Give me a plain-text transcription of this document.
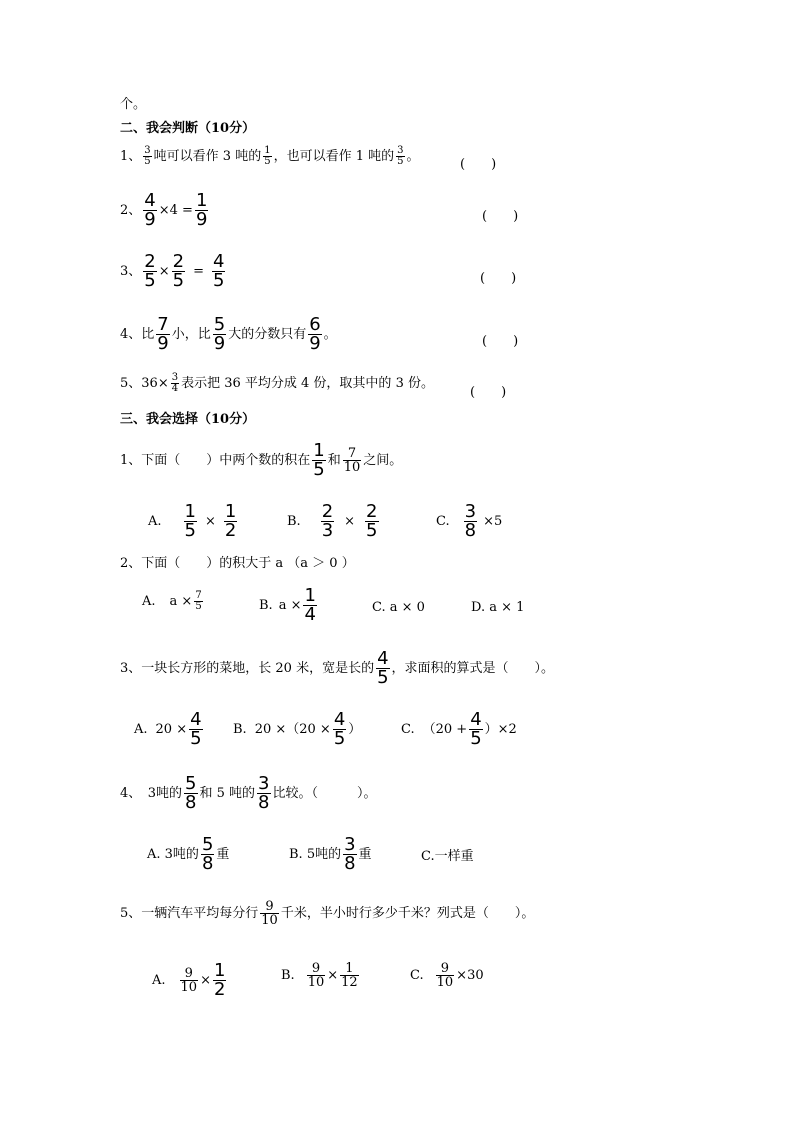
个。
二、我会判断（10分）
1、 $\frac{3}{5}$ 吨可以看作 3 吨的 $\frac{1}{5}$ ，也可以看作 1 吨的 $\frac{3}{5}$ 。
(　　)
2、 $\frac{4}{9} \times 4 = \frac{1}{9}$	(　　)
3、 $\frac{2}{5} \times \frac{2}{5} = \frac{4}{5}$	(　　)
4、比 $\frac{7}{9}$ 小，比 $\frac{5}{9}$ 大的分数只有 $\frac{6}{9}$ 。	(　　)
5、$36\times \frac{3}{4}$ 表示把 36 平均分成 4 份，取其中的 3 份。
(　　)
三、我会选择（10分）
1、下面（　　）中两个数的积在 $\frac{1}{5}$ 和 $\frac{7}{10}$ 之间。
A. $\frac{1}{5} \times \frac{1}{2}$	B. $\frac{2}{3} \times \frac{2}{5}$	C. $\frac{3}{8} \times 5$
2、下面（　　）的积大于 a （a ＞ 0 ）
A. $a \times \frac{7}{5}$	B. $a \times \frac{1}{4}$	C. a × 0	D. a × 1
3、一块长方形的菜地，长 20 米，宽是长的 $\frac{4}{5}$ ，求面积的算式是（　　）。
A. $20 \times \frac{4}{5} B$. $20 \times(20 \times \frac{4}{5}$ ）	C. $(20 + \frac{4}{5} )\times 2$
4、　3吨的 $\frac{5}{8}$ 和 5 吨的 $\frac{3}{8}$ 比较。（　　　）。
A. 3吨的 $\frac{5}{8}$ 重	B. 5吨的 $\frac{3}{8}$ 重	C.一样重
5、一辆汽车平均每分行 $\frac{9}{10}$ 千米，半小时行多少千米？列式是（　　）。
A. $\frac{9}{10} \times \frac{1}{2}$	B. $\frac{9}{10} \times \frac{1}{12}$	C. $\frac{9}{10} \times 30$
